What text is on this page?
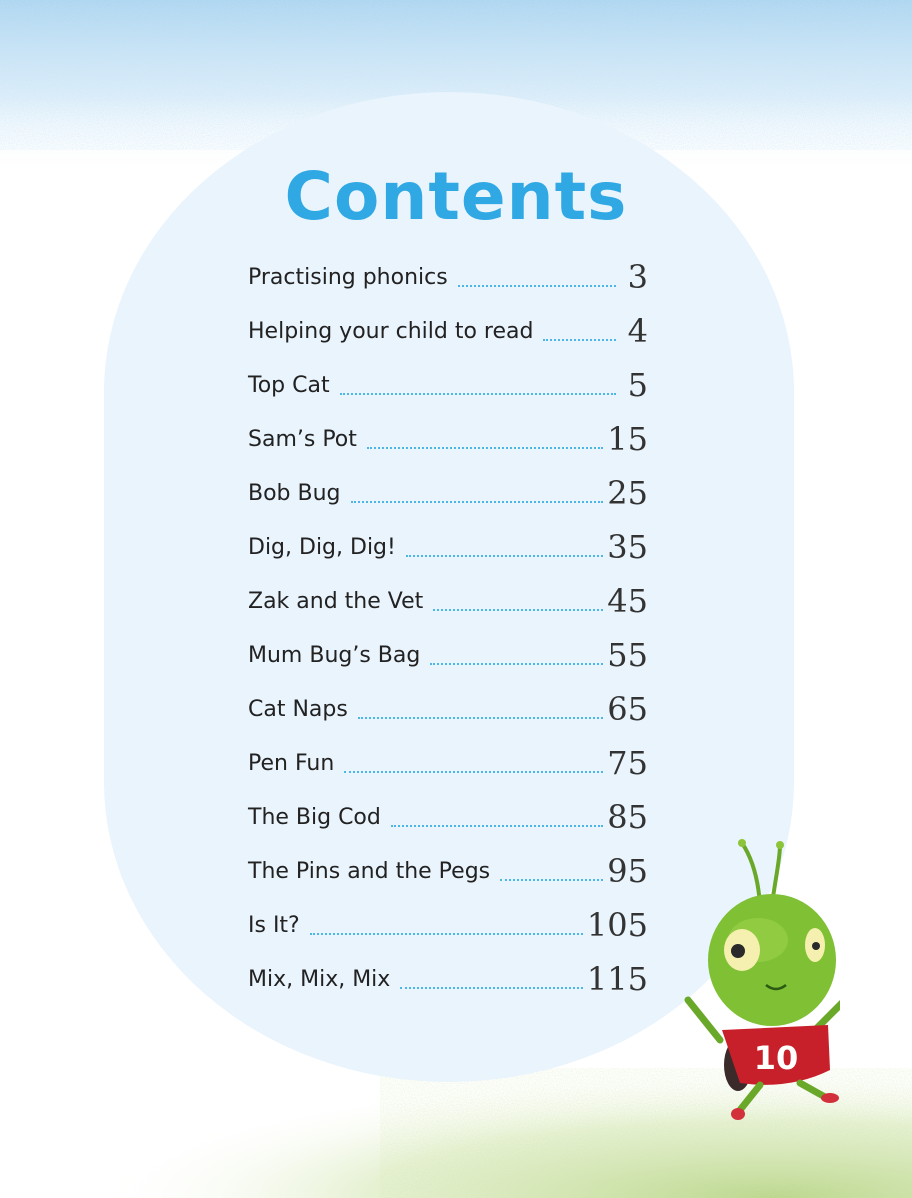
Contents
Practising phonics	3
Helping your child to read	4
Top Cat	5
Sam’s Pot	15
Bob Bug	25
Dig, Dig, Dig!	35
Zak and the Vet	45
Mum Bug’s Bag	55
Cat Naps	65
Pen Fun	75
The Big Cod	85
The Pins and the Pegs	95
Is It?	105
Mix, Mix, Mix	115
10
